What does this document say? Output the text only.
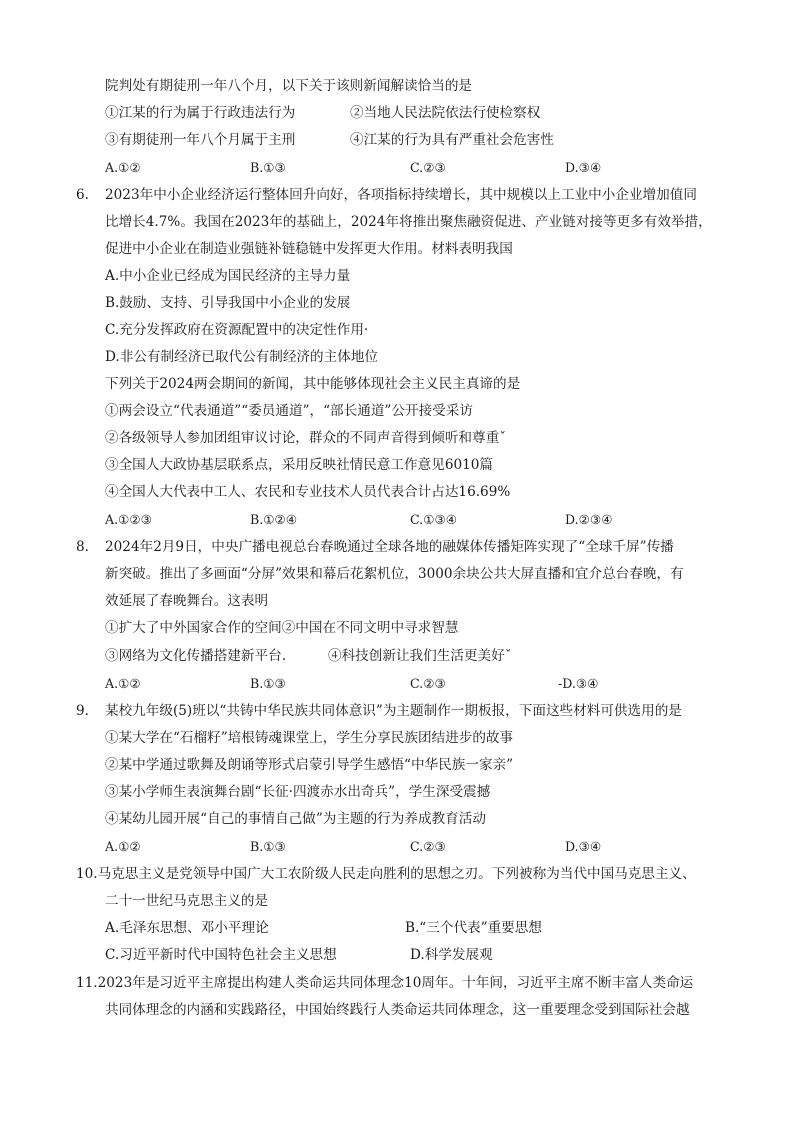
院判处有期徒刑一年八个月，以下关于该则新闻解读恰当的是
①江某的行为属于行政违法行为	②当地人民法院依法行使检察权
③有期徒刑一年八个月属于主刑	④江某的行为具有严重社会危害性
A.①②	B.①③	C.②③	D.③④
6. 2023年中小企业经济运行整体回升向好，各项指标持续增长，其中规模以上工业中小企业增加值同
比增长4.7%。我国在2023年的基础上，2024年将推出聚焦融资促进、产业链对接等更多有效举措，
促进中小企业在制造业强链补链稳链中发挥更大作用。材料表明我国
A.中小企业已经成为国民经济的主导力量
B.鼓励、支持、引导我国中小企业的发展
C.充分发挥政府在资源配置中的决定性作用·
D.非公有制经济已取代公有制经济的主体地位
下列关于2024两会期间的新闻，其中能够体现社会主义民主真谛的是
①两会设立“代表通道”“委员通道”，“部长通道”公开接受采访
②各级领导人参加团组审议讨论，群众的不同声音得到倾听和尊重ˇ
③全国人大政协基层联系点，采用反映社情民意工作意见6010篇
④全国人大代表中工人、农民和专业技术人员代表合计占达16.69%
A.①②③	B.①②④	C.①③④	D.②③④
8. 2024年2月9日，中央广播电视总台春晚通过全球各地的融媒体传播矩阵实现了“全球千屏”传播
新突破。推出了多画面“分屏”效果和幕后花絮机位，3000余块公共大屏直播和宜介总台春晚，有
效延展了春晚舞台。这表明
①扩大了中外国家合作的空间②中国在不同文明中寻求智慧
③网络为文化传播搭建新平台.	④科技创新让我们生活更美好ˇ
A.①②	B.①③	C.②③	-D.③④
9. 某校九年级(5)班以“共铸中华民族共同体意识”为主题制作一期板报，下面这些材料可供选用的是
①某大学在“石榴籽”培根铸魂课堂上，学生分享民族团结进步的故事
②某中学通过歌舞及朗诵等形式启蒙引导学生感悟“中华民族一家亲”
③某小学师生表演舞台剧“长征·四渡赤水出奇兵”，学生深受震撼
④某幼儿园开展“自己的事情自己做”为主题的行为养成教育活动
A.①②	B.①③	C.②③	D.③④
10.马克思主义是党领导中国广大工农阶级人民走向胜利的思想之刃。下列被称为当代中国马克思主义、
二十一世纪马克思主义的是
A.毛泽东思想、邓小平理论	B.“三个代表”重要思想
C.习近平新时代中国特色社会主义思想	D.科学发展观
11.2023年是习近平主席提出构建人类命运共同体理念10周年。十年间，习近平主席不断丰富人类命运
共同体理念的内涵和实践路径，中国始终践行人类命运共同体理念，这一重要理念受到国际社会越
